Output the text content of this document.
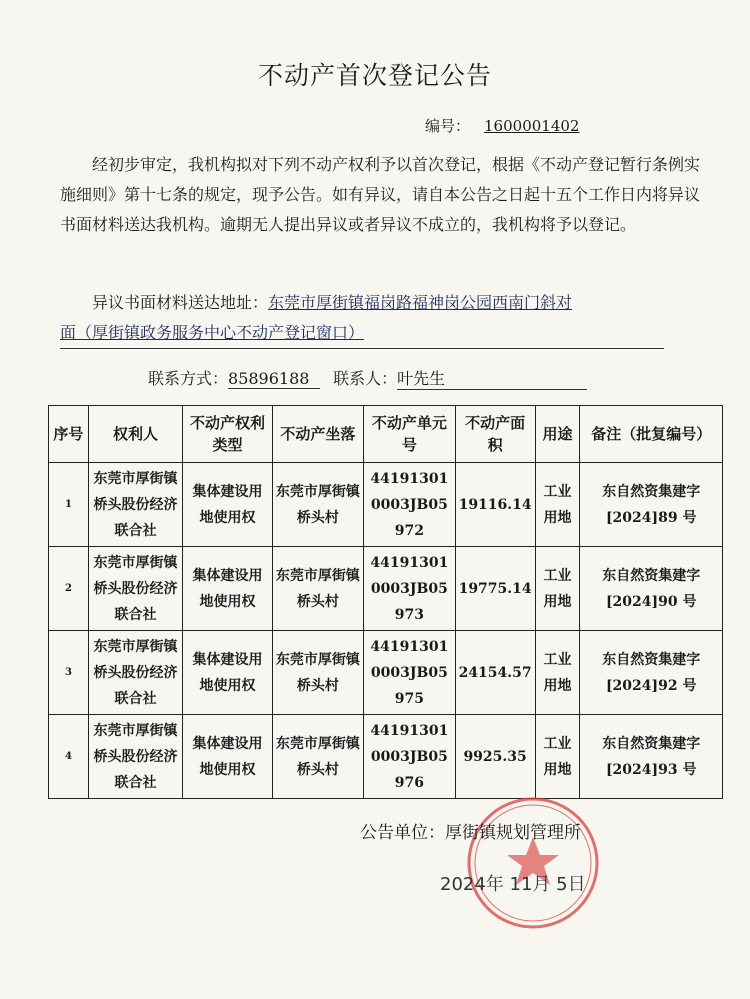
不动产首次登记公告
编号： 1600001402
经初步审定，我机构拟对下列不动产权利予以首次登记，根据《不动产登记暂行条例实施细则》第十七条的规定，现予公告。如有异议，请自本公告之日起十五个工作日内将异议书面材料送达我机构。逾期无人提出异议或者异议不成立的，我机构将予以登记。
异议书面材料送达地址：东莞市厚街镇福岗路福神岗公园西南门斜对
面（厚街镇政务服务中心不动产登记窗口）
联系方式：85896188 联系人：叶先生
序号	权利人	不动产权利类型	不动产坐落	不动产单元号	不动产面积	用途	备注（批复编号）
1	东莞市厚街镇桥头股份经济联合社	集体建设用地使用权	东莞市厚街镇桥头村	441913010003JB05972	19116.14	工业用地	东自然资集建字[2024]89 号
2	东莞市厚街镇桥头股份经济联合社	集体建设用地使用权	东莞市厚街镇桥头村	441913010003JB05973	19775.14	工业用地	东自然资集建字[2024]90 号
3	东莞市厚街镇桥头股份经济联合社	集体建设用地使用权	东莞市厚街镇桥头村	441913010003JB05975	24154.57	工业用地	东自然资集建字[2024]92 号
4	东莞市厚街镇桥头股份经济联合社	集体建设用地使用权	东莞市厚街镇桥头村	441913010003JB05976	9925.35	工业用地	东自然资集建字[2024]93 号
公告单位：厚街镇规划管理所
2024年 11月 5日
